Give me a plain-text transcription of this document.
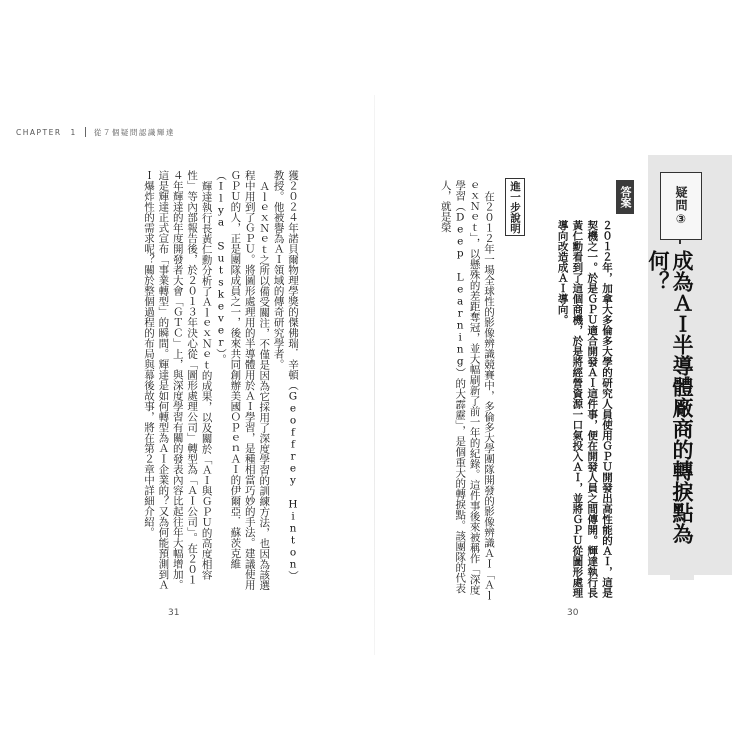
CHAPTER　1 從７個疑問認識輝達

獲２０２４年諾貝爾物理學獎的傑佛瑞．辛頓（Geoffrey Hinton）教授。他被譽為ＡＩ領域的傳奇研究學者。

ＡｌｅｘＮｅｔ之所以備受關注，不僅是因為它採用了深度學習的訓練方法，也因為該選程中用到了ＧＰＵ。將圖形處理用的半導體用於ＡＩ學習，是種相當巧妙的手法。建議使用ＧＰＵ的人，正是團隊成員之一，後來共同創辦美國ＯｐｅｎＡＩ的伊爾亞．蘇茨克維（Ilya Sutskever）。

輝達執行長黃仁勳分析了ＡｌｅｘＮｅｔ的成果，以及關於「ＡＩ與ＧＰＵ的高度相容性」等內部報告後，於２０１３年決心從「圖形處理公司」轉型為「ＡＩ公司」。在２０１４年輝達的年度開發者大會「ＧＴＣ」上，與深度學習有關的發表內容比起往年大幅增加。這是輝達正式宣布「事業轉型」的瞬間。輝達是如何轉型為ＡＩ企業的？又為何能預測到ＡＩ爆炸性的需求呢？關於整個過程的布局與幕後故事，將在第２章中詳細介紹。

31
疑問③
成為ＡＩ半導體廠商的轉捩點為何？
答案

２０１２年，加拿大多倫多大學的研究人員使用ＧＰＵ開發出高性能的ＡＩ，這是契機之一。於是ＧＰＵ適合開發ＡＩ這件事，便在開發人員之間傳開。輝達執行長黃仁勳看到了這個商機，於是將經營資源一口氣投入ＡＩ，並將ＧＰＵ從圖形處理導向改造成ＡＩ導向。

進一步說明

在２０１２年一場全球性的影像辨識競賽中，多倫多大學團隊開發的影像辨識ＡＩ「ＡｌｅｘＮｅｔ」，以懸殊的差距奪冠，並大幅刷新了前一年的紀錄。這件事後來被稱作「深度學習（Deep Learning）的大霹靂」，是個重大的轉捩點。該團隊的代表人，就是榮

30
